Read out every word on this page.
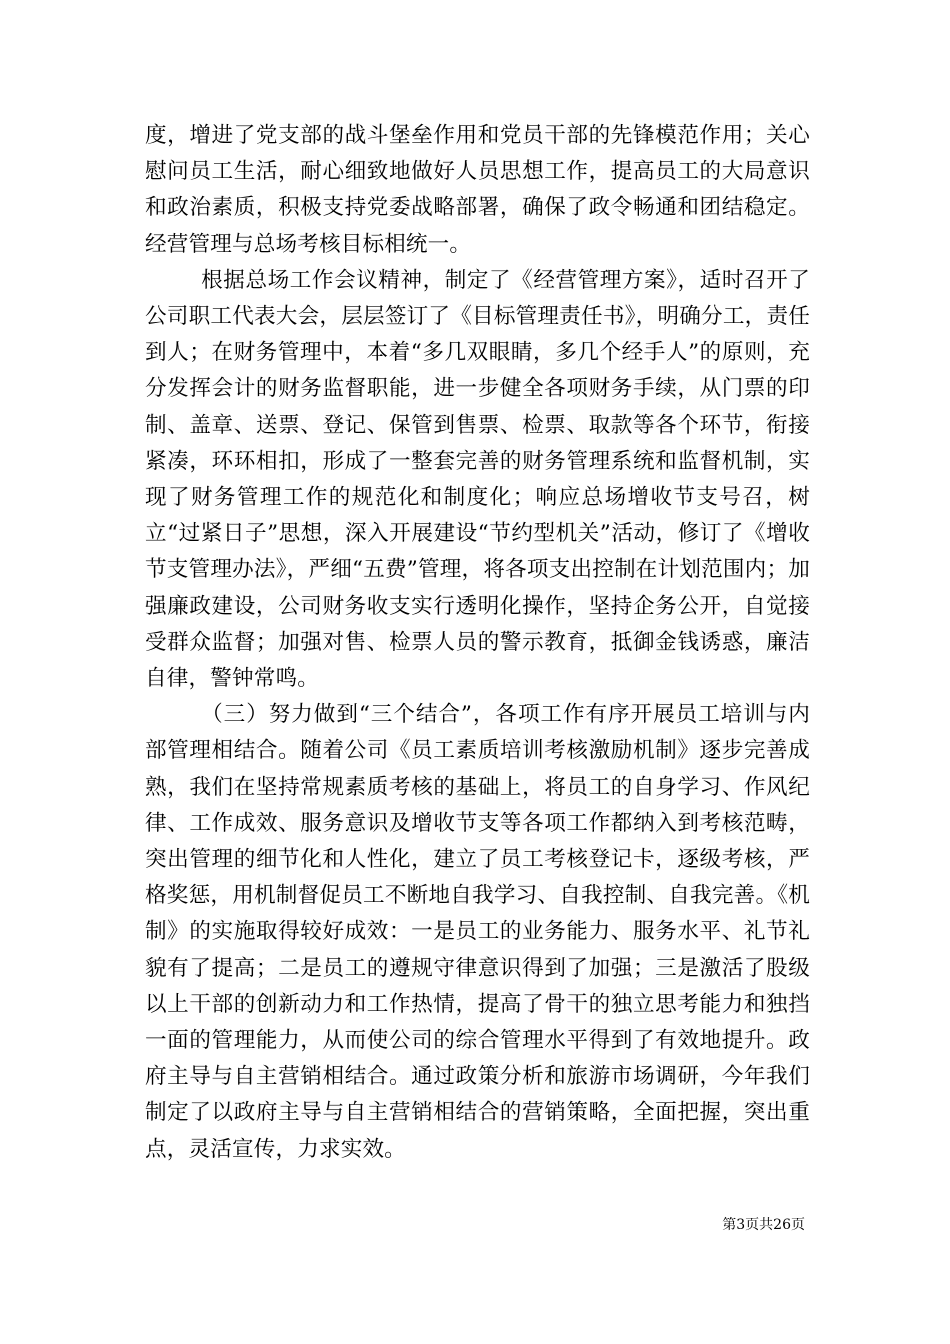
度，增进了党支部的战斗堡垒作用和党员干部的先锋模范作用；关心慰问员工生活，耐心细致地做好人员思想工作，提高员工的大局意识和政治素质，积极支持党委战略部署，确保了政令畅通和团结稳定。经营管理与总场考核目标相统一。

根据总场工作会议精神，制定了《经营管理方案》，适时召开了公司职工代表大会，层层签订了《目标管理责任书》，明确分工，责任到人；在财务管理中，本着“多几双眼睛，多几个经手人”的原则，充分发挥会计的财务监督职能，进一步健全各项财务手续，从门票的印制、盖章、送票、登记、保管到售票、检票、取款等各个环节，衔接紧凑，环环相扣，形成了一整套完善的财务管理系统和监督机制，实现了财务管理工作的规范化和制度化；响应总场增收节支号召，树立“过紧日子”思想，深入开展建设“节约型机关”活动，修订了《增收节支管理办法》，严细“五费”管理，将各项支出控制在计划范围内；加强廉政建设，公司财务收支实行透明化操作，坚持企务公开，自觉接受群众监督；加强对售、检票人员的警示教育，抵御金钱诱惑，廉洁自律，警钟常鸣。

（三）努力做到“三个结合”，各项工作有序开展员工培训与内部管理相结合。随着公司《员工素质培训考核激励机制》逐步完善成熟，我们在坚持常规素质考核的基础上，将员工的自身学习、作风纪律、工作成效、服务意识及增收节支等各项工作都纳入到考核范畴，突出管理的细节化和人性化，建立了员工考核登记卡，逐级考核，严格奖惩，用机制督促员工不断地自我学习、自我控制、自我完善。《机制》的实施取得较好成效：一是员工的业务能力、服务水平、礼节礼貌有了提高；二是员工的遵规守律意识得到了加强；三是激活了股级以上干部的创新动力和工作热情，提高了骨干的独立思考能力和独挡一面的管理能力，从而使公司的综合管理水平得到了有效地提升。政府主导与自主营销相结合。通过政策分析和旅游市场调研，今年我们制定了以政府主导与自主营销相结合的营销策略，全面把握，突出重点，灵活宣传，力求实效。

第3页共26页
